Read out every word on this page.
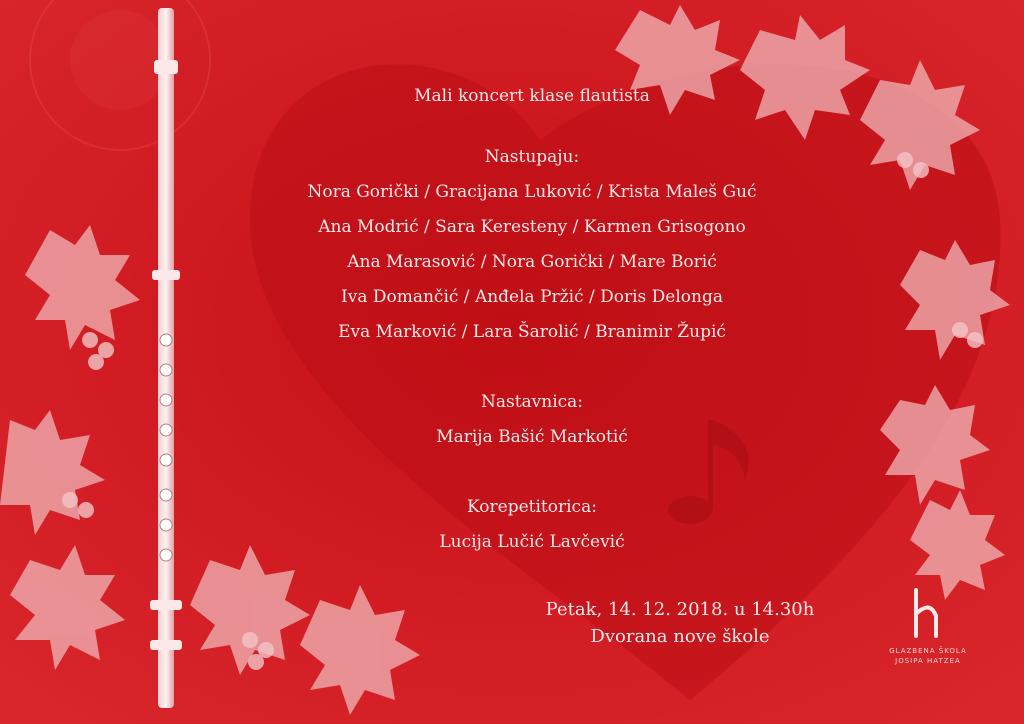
Mali koncert klase flautista
Nastupaju:
Nora Gorički / Gracijana Luković / Krista Maleš Guć
Ana Modrić / Sara Keresteny / Karmen Grisogono
Ana Marasović / Nora Gorički / Mare Borić
Iva Domančić / Anđela Pržić / Doris Delonga
Eva Marković / Lara Šarolić / Branimir Župić
Nastavnica:
Marija Bašić Markotić
Korepetitorica:
Lucija Lučić Lavčević
Petak, 14. 12. 2018. u 14.30h
Dvorana nove škole
GLAZBENA ŠKOLA
JOSIPA HATZEA
